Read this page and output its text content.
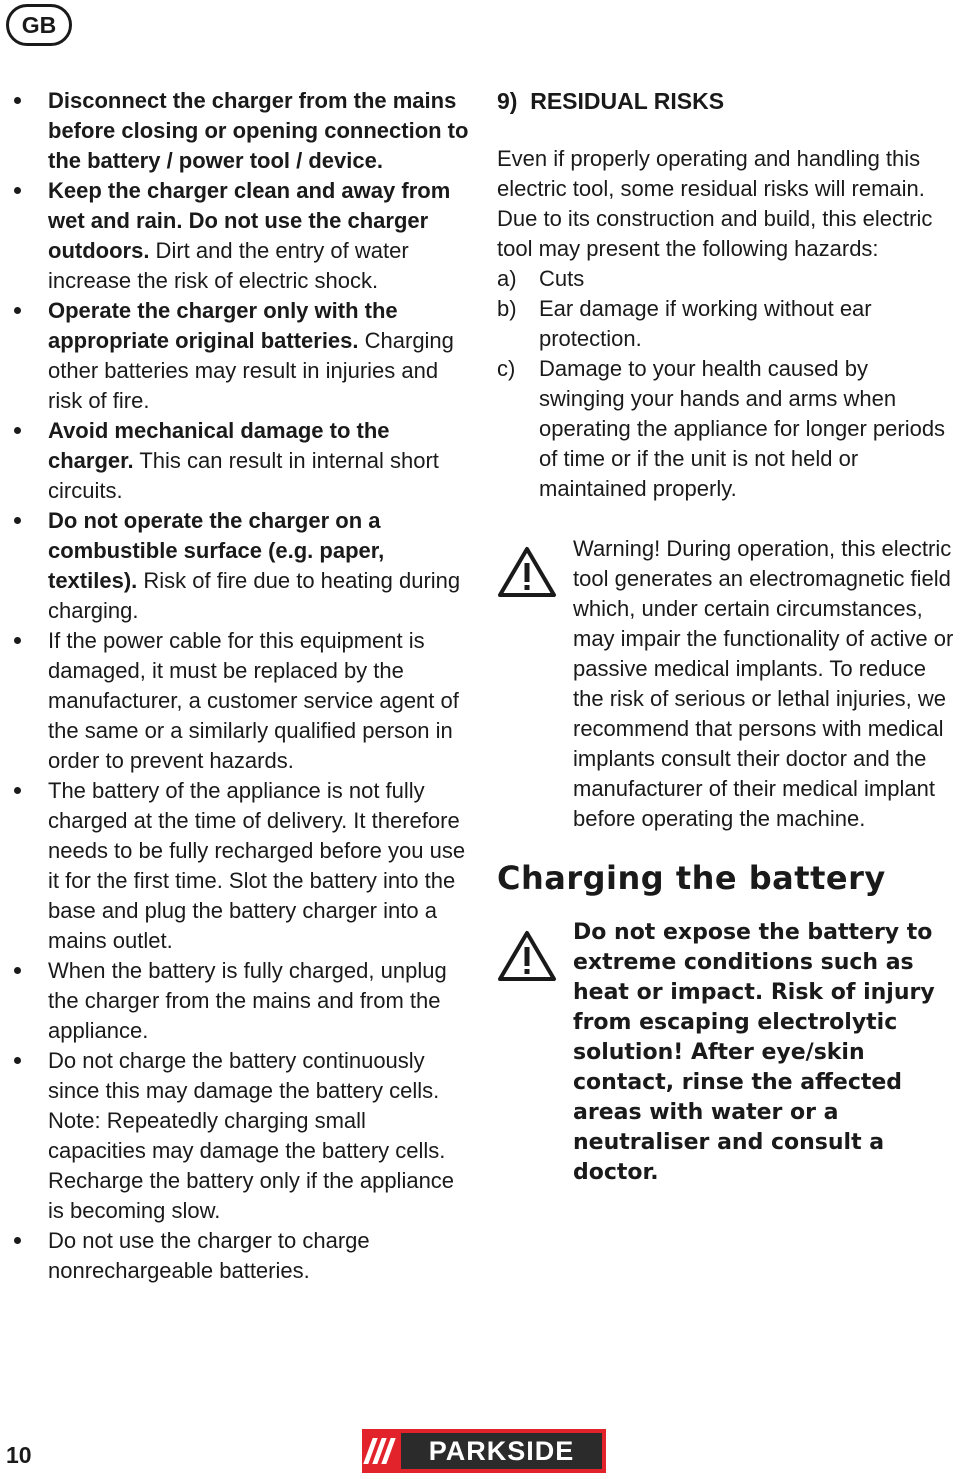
GB
Disconnect the charger from the mains before closing or opening connection to the battery / power tool / device.
Keep the charger clean and away from wet and rain. Do not use the charger outdoors. Dirt and the entry of water increase the risk of electric shock.
Operate the charger only with the appropriate original batteries. Charging other batteries may result in injuries and risk of fire.
Avoid mechanical damage to the charger. This can result in internal short circuits.
Do not operate the charger on a combustible surface (e.g. paper, textiles). Risk of fire due to heating during charging.
If the power cable for this equipment is damaged, it must be replaced by the manufacturer, a customer service agent of the same or a similarly qualified person in order to prevent hazards.
The battery of the appliance is not fully charged at the time of delivery. It therefore needs to be fully recharged before you use it for the first time. Slot the battery into the base and plug the battery charger into a mains outlet.
When the battery is fully charged, unplug the charger from the mains and from the appliance.
Do not charge the battery continuously since this may damage the battery cells. Note: Repeatedly charging small capacities may damage the battery cells. Recharge the battery only if the appliance is becoming slow.
Do not use the charger to charge nonrechargeable batteries.
9)  RESIDUAL RISKS

Even if properly operating and handling this electric tool, some residual risks will remain. Due to its construction and build, this electric tool may present the following hazards:

a)	Cuts
b)	Ear damage if working without ear protection.
c)	Damage to your health caused by swinging your hands and arms when operating the appliance for longer periods of time or if the unit is not held or maintained properly.
Warning! During operation, this electric tool generates an electromagnetic field which, under certain circumstances, may impair the functionality of active or passive medical implants. To reduce the risk of serious or lethal injuries, we recommend that persons with medical implants consult their doctor and the manufacturer of their medical implant before operating the machine.
Charging the battery
Do not expose the battery to extreme conditions such as heat or impact. Risk of injury from escaping electrolytic solution! After eye/skin contact, rinse the affected areas with water or a neutraliser and consult a doctor.
10	PARKSIDE
